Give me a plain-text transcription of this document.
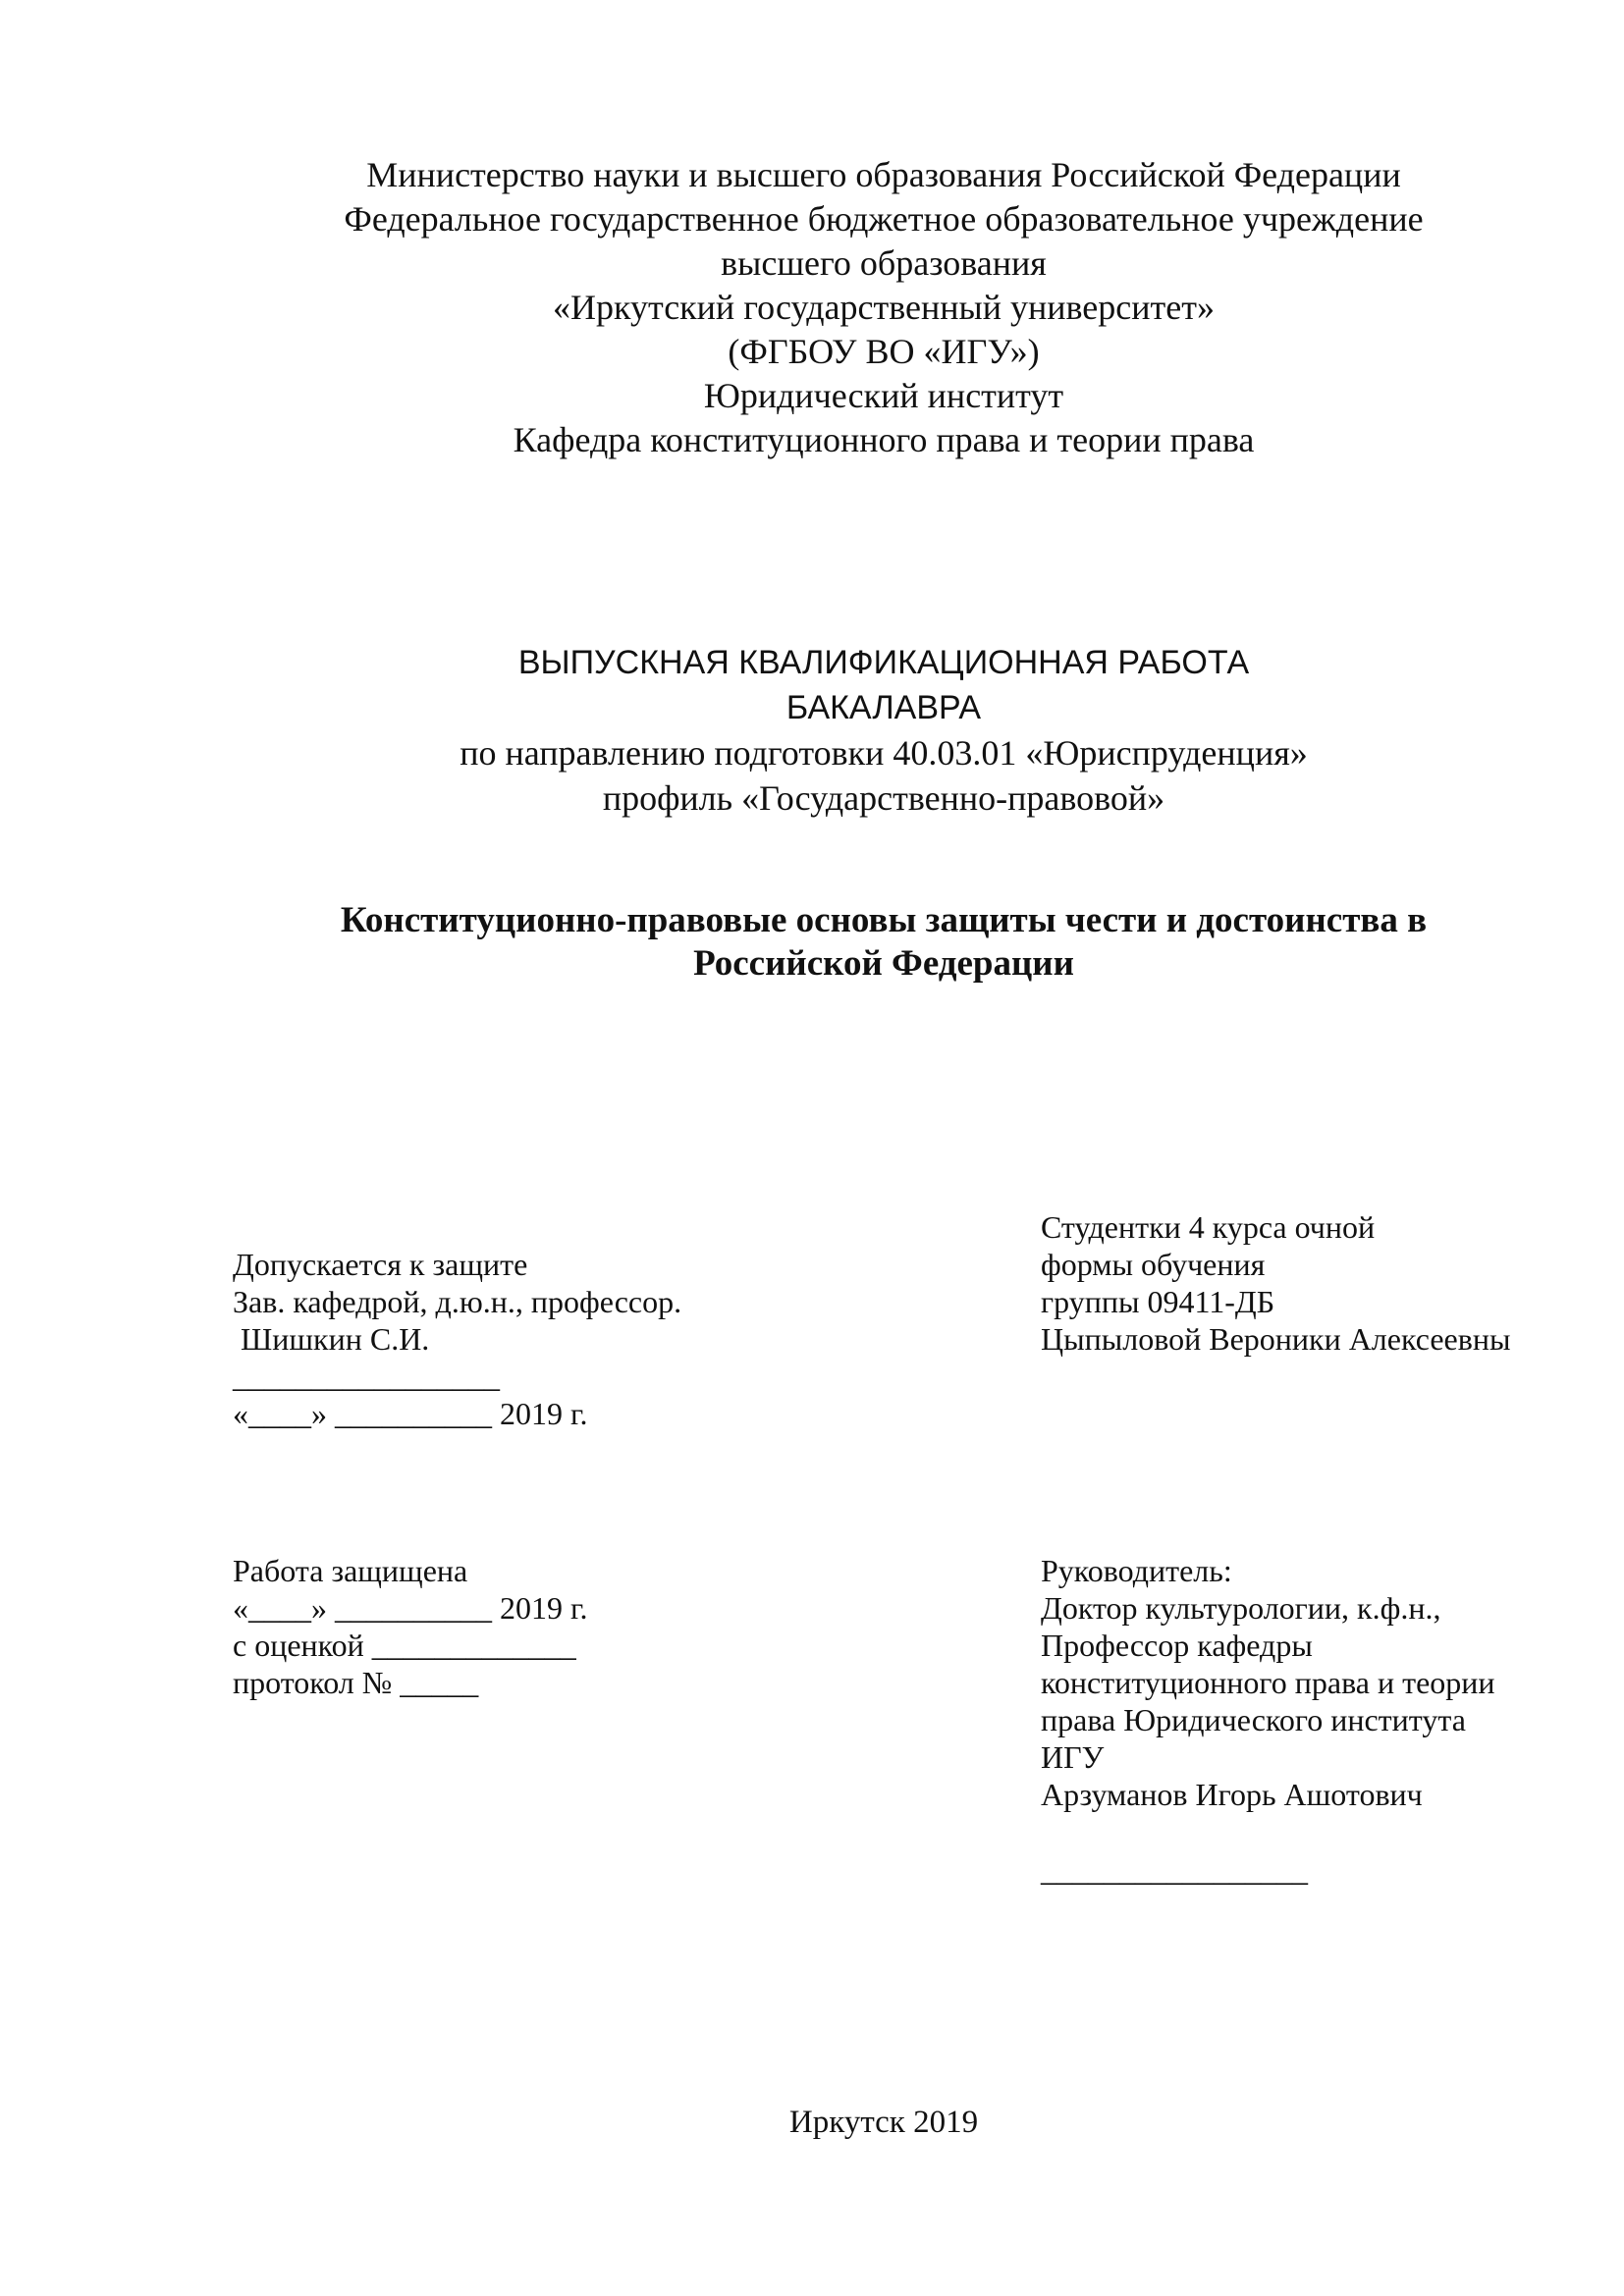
Министерство науки и высшего образования Российской Федерации
Федеральное государственное бюджетное образовательное учреждение
высшего образования
«Иркутский государственный университет»
(ФГБОУ ВО «ИГУ»)
Юридический институт
Кафедра конституционного права и теории права
ВЫПУСКНАЯ КВАЛИФИКАЦИОННАЯ РАБОТА
БАКАЛАВРА
по направлению подготовки 40.03.01 «Юриспруденция»
профиль «Государственно-правовой»
Конституционно-правовые основы защиты чести и достоинства в
Российской Федерации
Допускается к защите
Зав. кафедрой, д.ю.н., профессор.
Шишкин С.И.
_________________
«____» __________ 2019 г.
Студентки 4 курса очной
формы обучения
группы 09411-ДБ
Цыпыловой Вероники Алексеевны
Работа защищена
«____» __________ 2019 г.
с оценкой _____________
протокол № _____
Руководитель:
Доктор культурологии, к.ф.н.,
Профессор кафедры
конституционного права и теории
права Юридического института
ИГУ
Арзуманов Игорь Ашотович
_________________
Иркутск 2019
